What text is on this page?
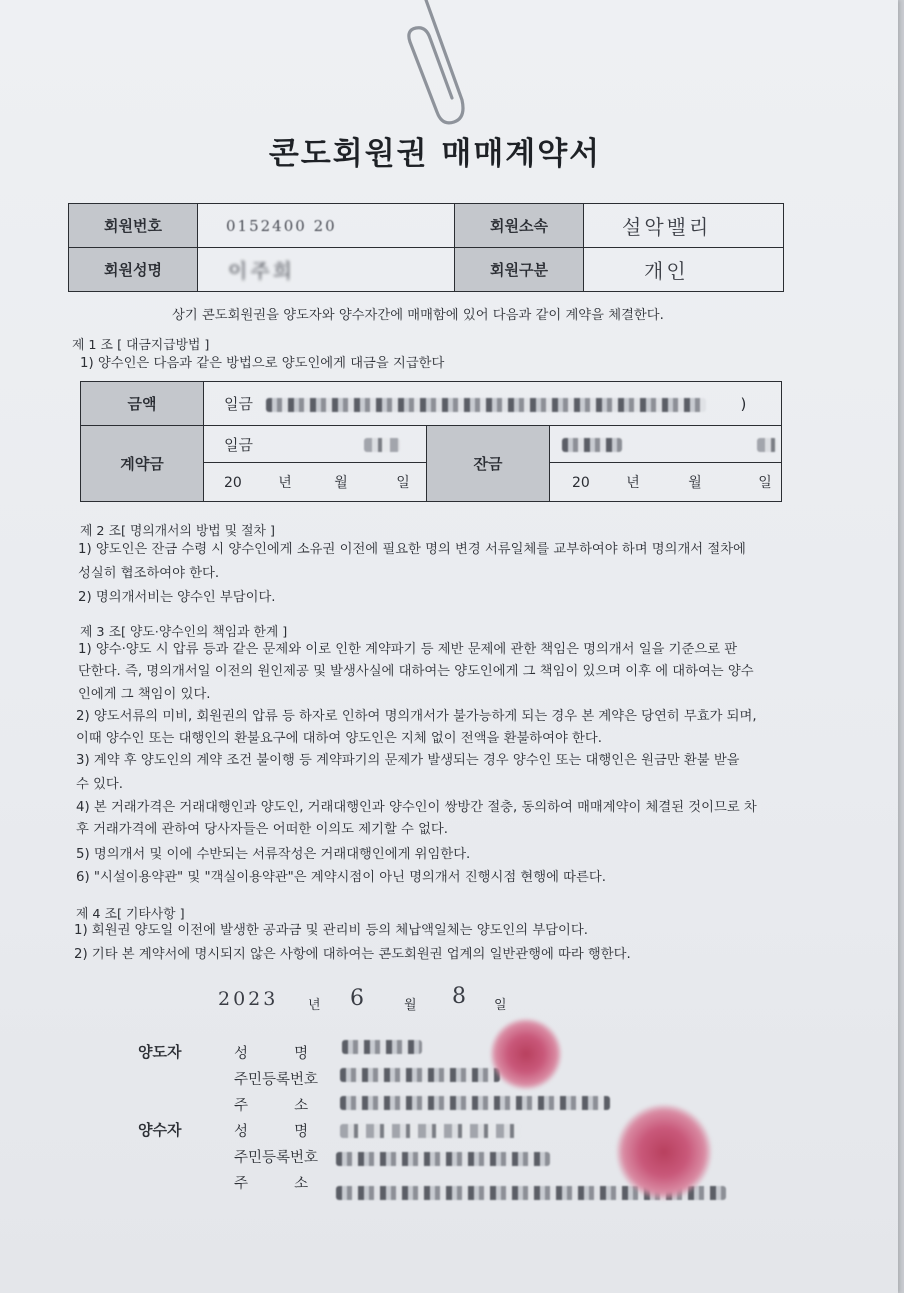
콘도회원권 매매계약서
회원번호	0152400 20	회원소속	설악밸리
회원성명	이주희	회원구분	개인
상기 콘도회원권을 양도자와 양수자간에 매매함에 있어 다음과 같이 계약을 체결한다.
제 1 조 [ 대금지급방법 ]
1) 양수인은 다음과 같은 방법으로 양도인에게 대금을 지급한다
금액	일금 )		
계약금	일금	잔금	
	20 년 월 일		20 년 월 일
제 2 조[ 명의개서의 방법 및 절차 ]
1) 양도인은 잔금 수령 시 양수인에게 소유권 이전에 필요한 명의 변경 서류일체를 교부하여야 하며 명의개서 절차에
성실히 협조하여야 한다.
2) 명의개서비는 양수인 부담이다.
제 3 조[ 양도·양수인의 책임과 한계 ]
1) 양수·양도 시 압류 등과 같은 문제와 이로 인한 계약파기 등 제반 문제에 관한 책임은 명의개서 일을 기준으로 판
단한다. 즉, 명의개서일 이전의 원인제공 및 발생사실에 대하여는 양도인에게 그 책임이 있으며 이후 에 대하여는 양수
인에게 그 책임이 있다.
2) 양도서류의 미비, 회원권의 압류 등 하자로 인하여 명의개서가 불가능하게 되는 경우 본 계약은 당연히 무효가 되며,
이때 양수인 또는 대행인의 환불요구에 대하여 양도인은 지체 없이 전액을 환불하여야 한다.
3) 계약 후 양도인의 계약 조건 불이행 등 계약파기의 문제가 발생되는 경우 양수인 또는 대행인은 원금만 환불 받을
수 있다.
4) 본 거래가격은 거래대행인과 양도인, 거래대행인과 양수인이 쌍방간 절충, 동의하여 매매계약이 체결된 것이므로 차
후 거래가격에 관하여 당사자들은 어떠한 이의도 제기할 수 없다.
5) 명의개서 및 이에 수반되는 서류작성은 거래대행인에게 위임한다.
6) "시설이용약관" 및 "객실이용약관"은 계약시점이 아닌 명의개서 진행시점 현행에 따른다.
제 4 조[ 기타사항 ]
1) 회원권 양도일 이전에 발생한 공과금 및 관리비 등의 체납액일체는 양도인의 부담이다.
2) 기타 본 계약서에 명시되지 않은 사항에 대하여는 콘도회원권 업계의 일반관행에 따라 행한다.
2023 년 6	월 8 일
양도자	성          명
주민등록번호
주          소
양수자	성          명
주민등록번호
주          소
